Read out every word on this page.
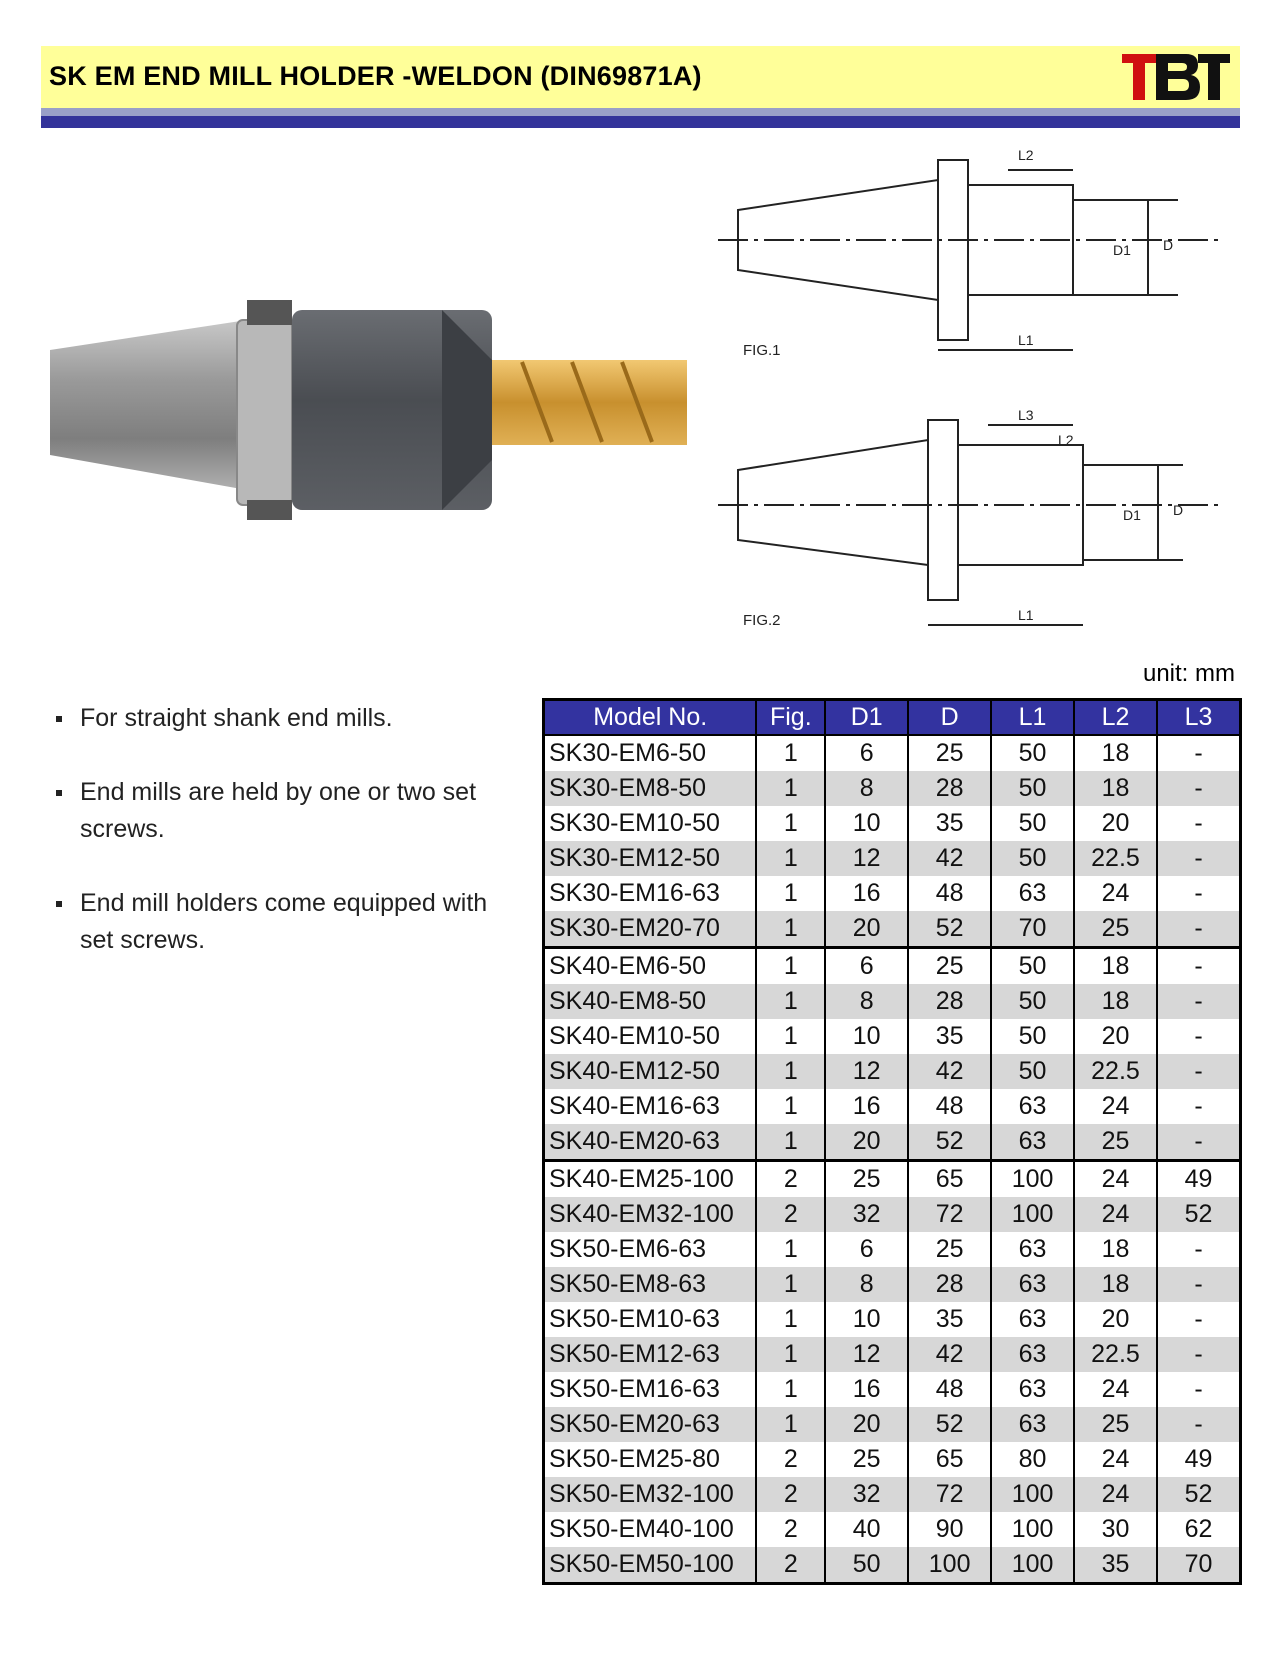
SK EM END MILL HOLDER -WELDON (DIN69871A)
FIG.1
L1
L2
D1 D
FIG.2	L1
L3
L2
D1 D
unit: mm
For straight shank end mills.
End mills are held by one or two set screws.
End mill holders come equipped with set screws.
Model No.	Fig.	D1	D	L1	L2	L3
SK30-EM6-50	1	6	25	50	18	-
SK30-EM8-50	1	8	28	50	18	-
SK30-EM10-50	1	10	35	50	20	-
SK30-EM12-50	1	12	42	50	22.5	-
SK30-EM16-63	1	16	48	63	24	-
SK30-EM20-70	1	20	52	70	25	-
SK40-EM6-50	1	6	25	50	18	-
SK40-EM8-50	1	8	28	50	18	-
SK40-EM10-50	1	10	35	50	20	-
SK40-EM12-50	1	12	42	50	22.5	-
SK40-EM16-63	1	16	48	63	24	-
SK40-EM20-63	1	20	52	63	25	-
SK40-EM25-100	2	25	65	100	24	49
SK40-EM32-100	2	32	72	100	24	52
SK50-EM6-63	1	6	25	63	18	-
SK50-EM8-63	1	8	28	63	18	-
SK50-EM10-63	1	10	35	63	20	-
SK50-EM12-63	1	12	42	63	22.5	-
SK50-EM16-63	1	16	48	63	24	-
SK50-EM20-63	1	20	52	63	25	-
SK50-EM25-80	2	25	65	80	24	49
SK50-EM32-100	2	32	72	100	24	52
SK50-EM40-100	2	40	90	100	30	62
SK50-EM50-100	2	50	100	100	35	70
